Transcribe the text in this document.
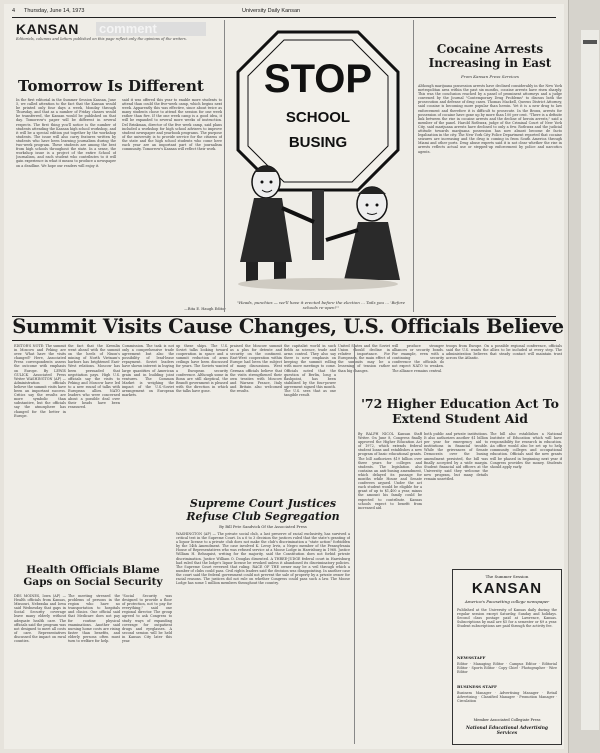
4 Thursday, June 14, 1973	University Daily Kansan
KANSAN	comment
Editorials, columns and letters published on this page reflect only the opinions of the writers.
Tomorrow Is Different
In the first editorial in the Summer Session Kansan, June 5, we called attention to the fact that the Kansan would be printed only four days a week, Monday through Thursday, and that as a number of Friday classes would be transferred, the Kansan would be published on that day. Tomorrow's paper will be different in several respects. The first thing you'll notice is the number of students attending the Kansan high school workshop, and it will be a special edition put together by the workshop students. The issue will also carry features written by students who have been learning journalism during the two-week program. These students are among the best from high schools throughout the state. In a sense, the workshop issue is a project of the entire School of Journalism, and each student who contributes to it will gain experience in what it means to produce a newspaper on a deadline. We hope our readers will enjoy it.
said it was offered this year to enable more students to attend than could the five-week camp, which begins next week. Apparently this was effective, since about twice as many students chose to attend the session for one week rather than five. If the one week camp is a good idea, it will be expanded to several more weeks of instruction. Del Brinkman, director of the five week camp, said plans included a workshop for high school advisers to improve student newspaper and yearbook programs. The purpose of the university is to provide service for the citizens of the state and the high school students who come here each year are an important part of the journalism community. Tomorrow's Kansan will reflect their work.
—Rita E. Haugh Editor
STOP
SCHOOL
BUSING
"Heads, punchies — we'll have it erected before the election ... Tails you ... 'Before schools re-open!'"
Cocaine Arrests Increasing in East
From Kansan Press Services
Although marijuana possession arrests have declined considerably in the New York metropolitan area within the past six months, cocaine arrests have risen sharply. This was the conclusion reached by a panel of prominent attorneys and a judge convened by the Journal "Contemporary Drug Problems" to discuss both the prosecution and defense of drug cases. Thomas Mackell, Queens District Attorney, said cocaine is becoming more popular than heroin. Yet it is a new drug to law enforcement and therefore it is difficult to prosecute. In the Bronx, arrests for possession of cocaine have gone up by more than 100 per cent. "There is a definite link between the rise in cocaine arrests and the decline of heroin arrests," said a member of the panel. Harold Rothwax, judge of the Criminal Court of New York City, said marijuana arrests have declined to only a few. Rothwax and the judicial attitude towards marijuana possession has now almost become de facto legalization in the city. The New York City Police Department reported that cocaine seizures are increasing and the drug is coming in from South America through Miami and other ports. Drug abuse experts said it is not clear whether the rise in arrests reflects actual use or stepped-up enforcement by police and narcotics agents.
Summit Visits Cause Changes, U.S. Officials Believe
EDITOR'S NOTE: The summit in Moscow and Peking are over. What have the visits changed? Here, Associated Press correspondents assess the outcome with emphasis on Europe. By LEWIS GULICK Associated Press Writer WASHINGTON (AP) — Administration officials believe the summit visits have been an important success. Critics say the results are more symbolic than substantive, but the officials say the atmosphere has changed for the better in Europe.
the fact that the Kremlin went ahead with the summit on the heels of Nixon's mining of North Vietnam's harbors has brightened East-West relations. Moscow has been persuaded that negotiation pays. High U.S. officials say the visits to Peking and Moscow have led to a new round of talks with European allies. NATO leaders who were concerned about a possible deal over their heads have been reassured.
Commission. The task is not only a comprehensive trade agreement but also the possibility of lend-lease repayment. Soviet leaders have shown interest in buying large quantities of American grain and in building joint ventures. The Common Market is weighing the impact of the U.S.-Soviet arrangement on European markets.
up these ships. The U.S. Soviet talks looking toward cooperation in space and a summit reduction of arms ceilings have been discussed for years. The Soviets wanted a European security conference. Although some in Bonn are still skeptical, the Brandt government is pleased with the direction in which the talks have gone.
praised the Moscow summit as a plus for detente and security on the continent. East-West cooperation within Europe had been the subject of many discussions. West German officials believe that the visits strengthened their own treaties with Moscow and Warsaw. France, Italy and Britain also welcomed the results.
the capitalist world in such fields as science, trade and arms control. They also say there is new emphasis on keeping the summit rolling with more meetings to come. Officials noted that the question of Berlin, long a flashpoint, has been stabilized by the four-power agreement signed this month. The U.S. sees that as one tangible result.
United States and the Soviet Union should decline in relative importance. For Europeans, the main effect of the summits may be a lessening of tension rather than big changes.
will produce stronger alliances or security bonds. For example, even with a continuing security conference the officials do not expect NATO to weaken. The alliance remains central.
troops from Europe. On a possible regional conference, officials said the U.S. wants the allies to be included at every step. The administration believes that steady contact will maintain trust across the Atlantic.
Supreme Court Justices Refuse Club Segregation
By Bill Pete Sandvick Of the Associated Press
WASHINGTON (AP) — The private social club, a last preserve of racial exclusivity, has survived a critical test in the Supreme Court. In a 6 to 3 decision the justices ruled that the state's granting of a liquor license to a private club does not make the club's discrimination a "state action" forbidden by the 14th Amendment. The case involved K. Leroy Irvis, a Negro member of the Pennsylvania House of Representatives who was refused service at a Moose Lodge in Harrisburg in 1968. Justice William H. Rehnquist, writing for the majority, said the Constitution does not forbid private discrimination. Justice William O. Douglas dissented. A THREE-JUDGE federal court in Harrisburg had ruled that the lodge's liquor license be revoked unless it abandoned its discriminatory policies. The Supreme Court reversed that ruling. RACE OF THE owner may be a veil through which a number of clubs could pass. Civil rights leaders said the decision was disappointing. In another case the court said the federal government could not prevent the sale of property by a private owner for racial reasons. The justices did not rule on whether Congress could pass such a law. The Moose Lodge has some 1 million members throughout the country.
Health Officials Blame Gaps on Social Security
DES MOINES, Iowa (AP) — Health officials from Kansas, Missouri, Nebraska and Iowa said Wednesday that gaps in Social Security coverage leave many elderly without adequate health care. The officials said the program was not designed to meet all costs of care. Representatives discussed the impact on rural counties.
The meeting stressed the problems of persons in the region who have no transportation to hospitals and clinics. One official said that Medicare does not pay for routine physical examinations. Another said nursing home costs are rising faster than benefits, and elderly persons often must turn to welfare for help.
"Social Security was designed to provide a floor of protection, not to pay for everything," said one regional director. The group agreed to ask Congress to study ways of expanding coverage for outpatient drugs and eyeglasses. A second session will be held in Kansas City later this year.
'72 Higher Education Act To Extend Student Aid
By RALPH NICOL Kansan Staff Writer. On June 8, Congress finally approved the Higher Education Act of 1972, which extends federal student loans and establishes a new program of basic educational grants. The bill authorizes $19 billion over three years for colleges and students. The legislation also contains an anti-busing amendment, which delayed its passage for months while House and Senate conferees argued. Under the act each student would be eligible for a grant of up to $1,400 a year, minus the amount his family could be expected to contribute. Kansas schools expect to benefit from increased aid.
both public and private institutions. It also authorizes another $1 billion per year for emergency aid to institutions in financial trouble. While the grievances of Senate Democrats over the busing amendment persisted, the bill was finally accepted by a wide margin. Student financial aid officers at the University said they welcome the new program, but many details remain unsettled.
The bill also establishes a National Institute of Education which will have responsibility for research in education. An office would also be set up to help community colleges and occupational education. Officials said the new grants will be phased in beginning next year if Congress provides the money. Students should apply early.
The Summer Session
KANSAN
America's Pacesetting college newspaper
Published at the University of Kansas daily during the regular session except Saturday, Sunday and holidays. Second class postage paid at Lawrence, Kansas. Subscriptions by mail are $5 for a semester or $9 a year. Student subscriptions are paid through the activity fee.
NEWSSTAFF
Editor · Managing Editor · Campus Editor · Editorial Editor · Sports Editor · Copy Chief · Photographer · Wire Editor
BUSINESS STAFF
Business Manager · Advertising Manager · Retail Advertising · Classified Manager · Promotion Manager · Circulation
Member Associated Collegiate Press
National Educational Advertising Services
